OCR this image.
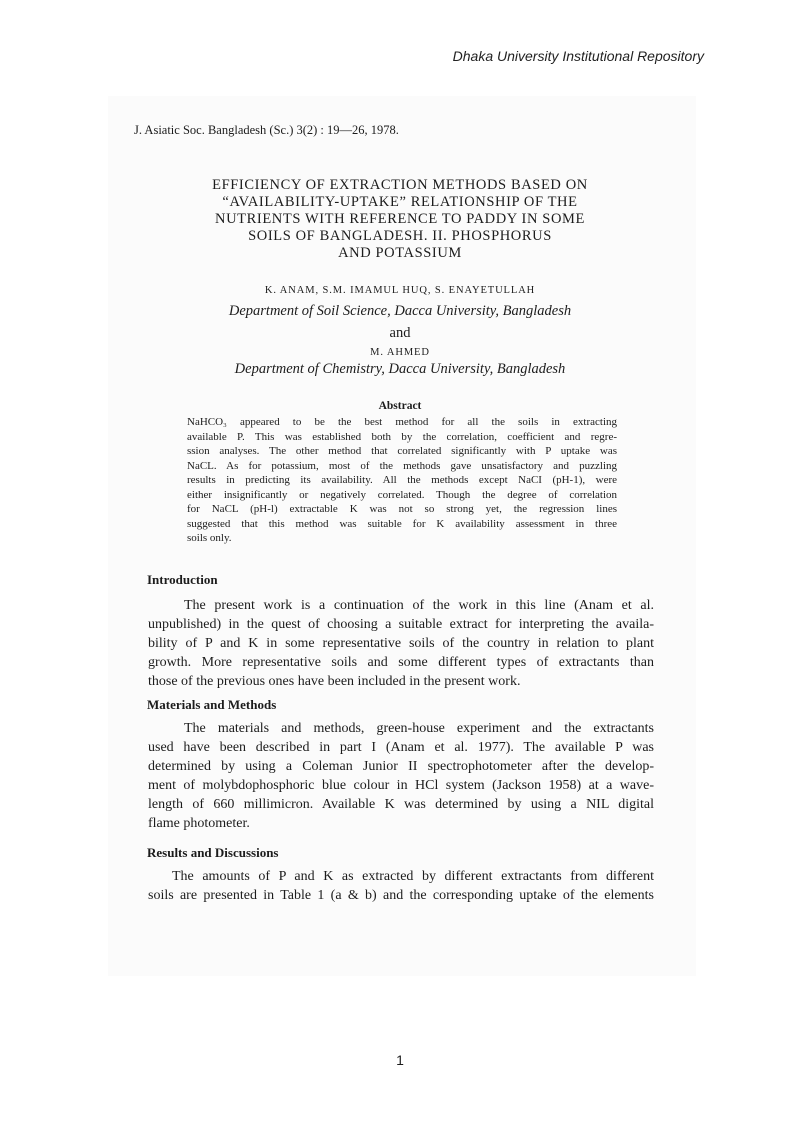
Dhaka University Institutional Repository
J. Asiatic Soc. Bangladesh (Sc.) 3(2) : 19—26, 1978.
EFFICIENCY OF EXTRACTION METHODS BASED ON
“AVAILABILITY-UPTAKE” RELATIONSHIP OF THE
NUTRIENTS WITH REFERENCE TO PADDY IN SOME
SOILS OF BANGLADESH. II. PHOSPHORUS
AND POTASSIUM
K. ANAM, S.M. IMAMUL HUQ, S. ENAYETULLAH
Department of Soil Science, Dacca University, Bangladesh
and
M. AHMED
Department of Chemistry, Dacca University, Bangladesh
Abstract
NaHCO₃ appeared to be the best method for all the soils in extracting
available P. This was established both by the correlation, coefficient and regre-
ssion analyses. The other method that correlated significantly with P uptake was
NaCL. As for potassium, most of the methods gave unsatisfactory and puzzling
results in predicting its availability. All the methods except NaCI (pH-1), were
either insignificantly or negatively correlated. Though the degree of correlation
for NaCL (pH-l) extractable K was not so strong yet, the regression lines
suggested that this method was suitable for K availability assessment in three
soils only.
Introduction
The present work is a continuation of the work in this line (Anam et al.
unpublished) in the quest of choosing a suitable extract for interpreting the availa-
bility of P and K in some representative soils of the country in relation to plant
growth. More representative soils and some different types of extractants than
those of the previous ones have been included in the present work.
Materials and Methods
The materials and methods, green-house experiment and the extractants
used have been described in part I (Anam et al. 1977). The available P was
determined by using a Coleman Junior II spectrophotometer after the develop-
ment of molybdophosphoric blue colour in HCl system (Jackson 1958) at a wave-
length of 660 millimicron. Available K was determined by using a NIL digital
flame photometer.
Results and Discussions
The amounts of P and K as extracted by different extractants from different
soils are presented in Table 1 (a & b) and the corresponding uptake of the elements
1
